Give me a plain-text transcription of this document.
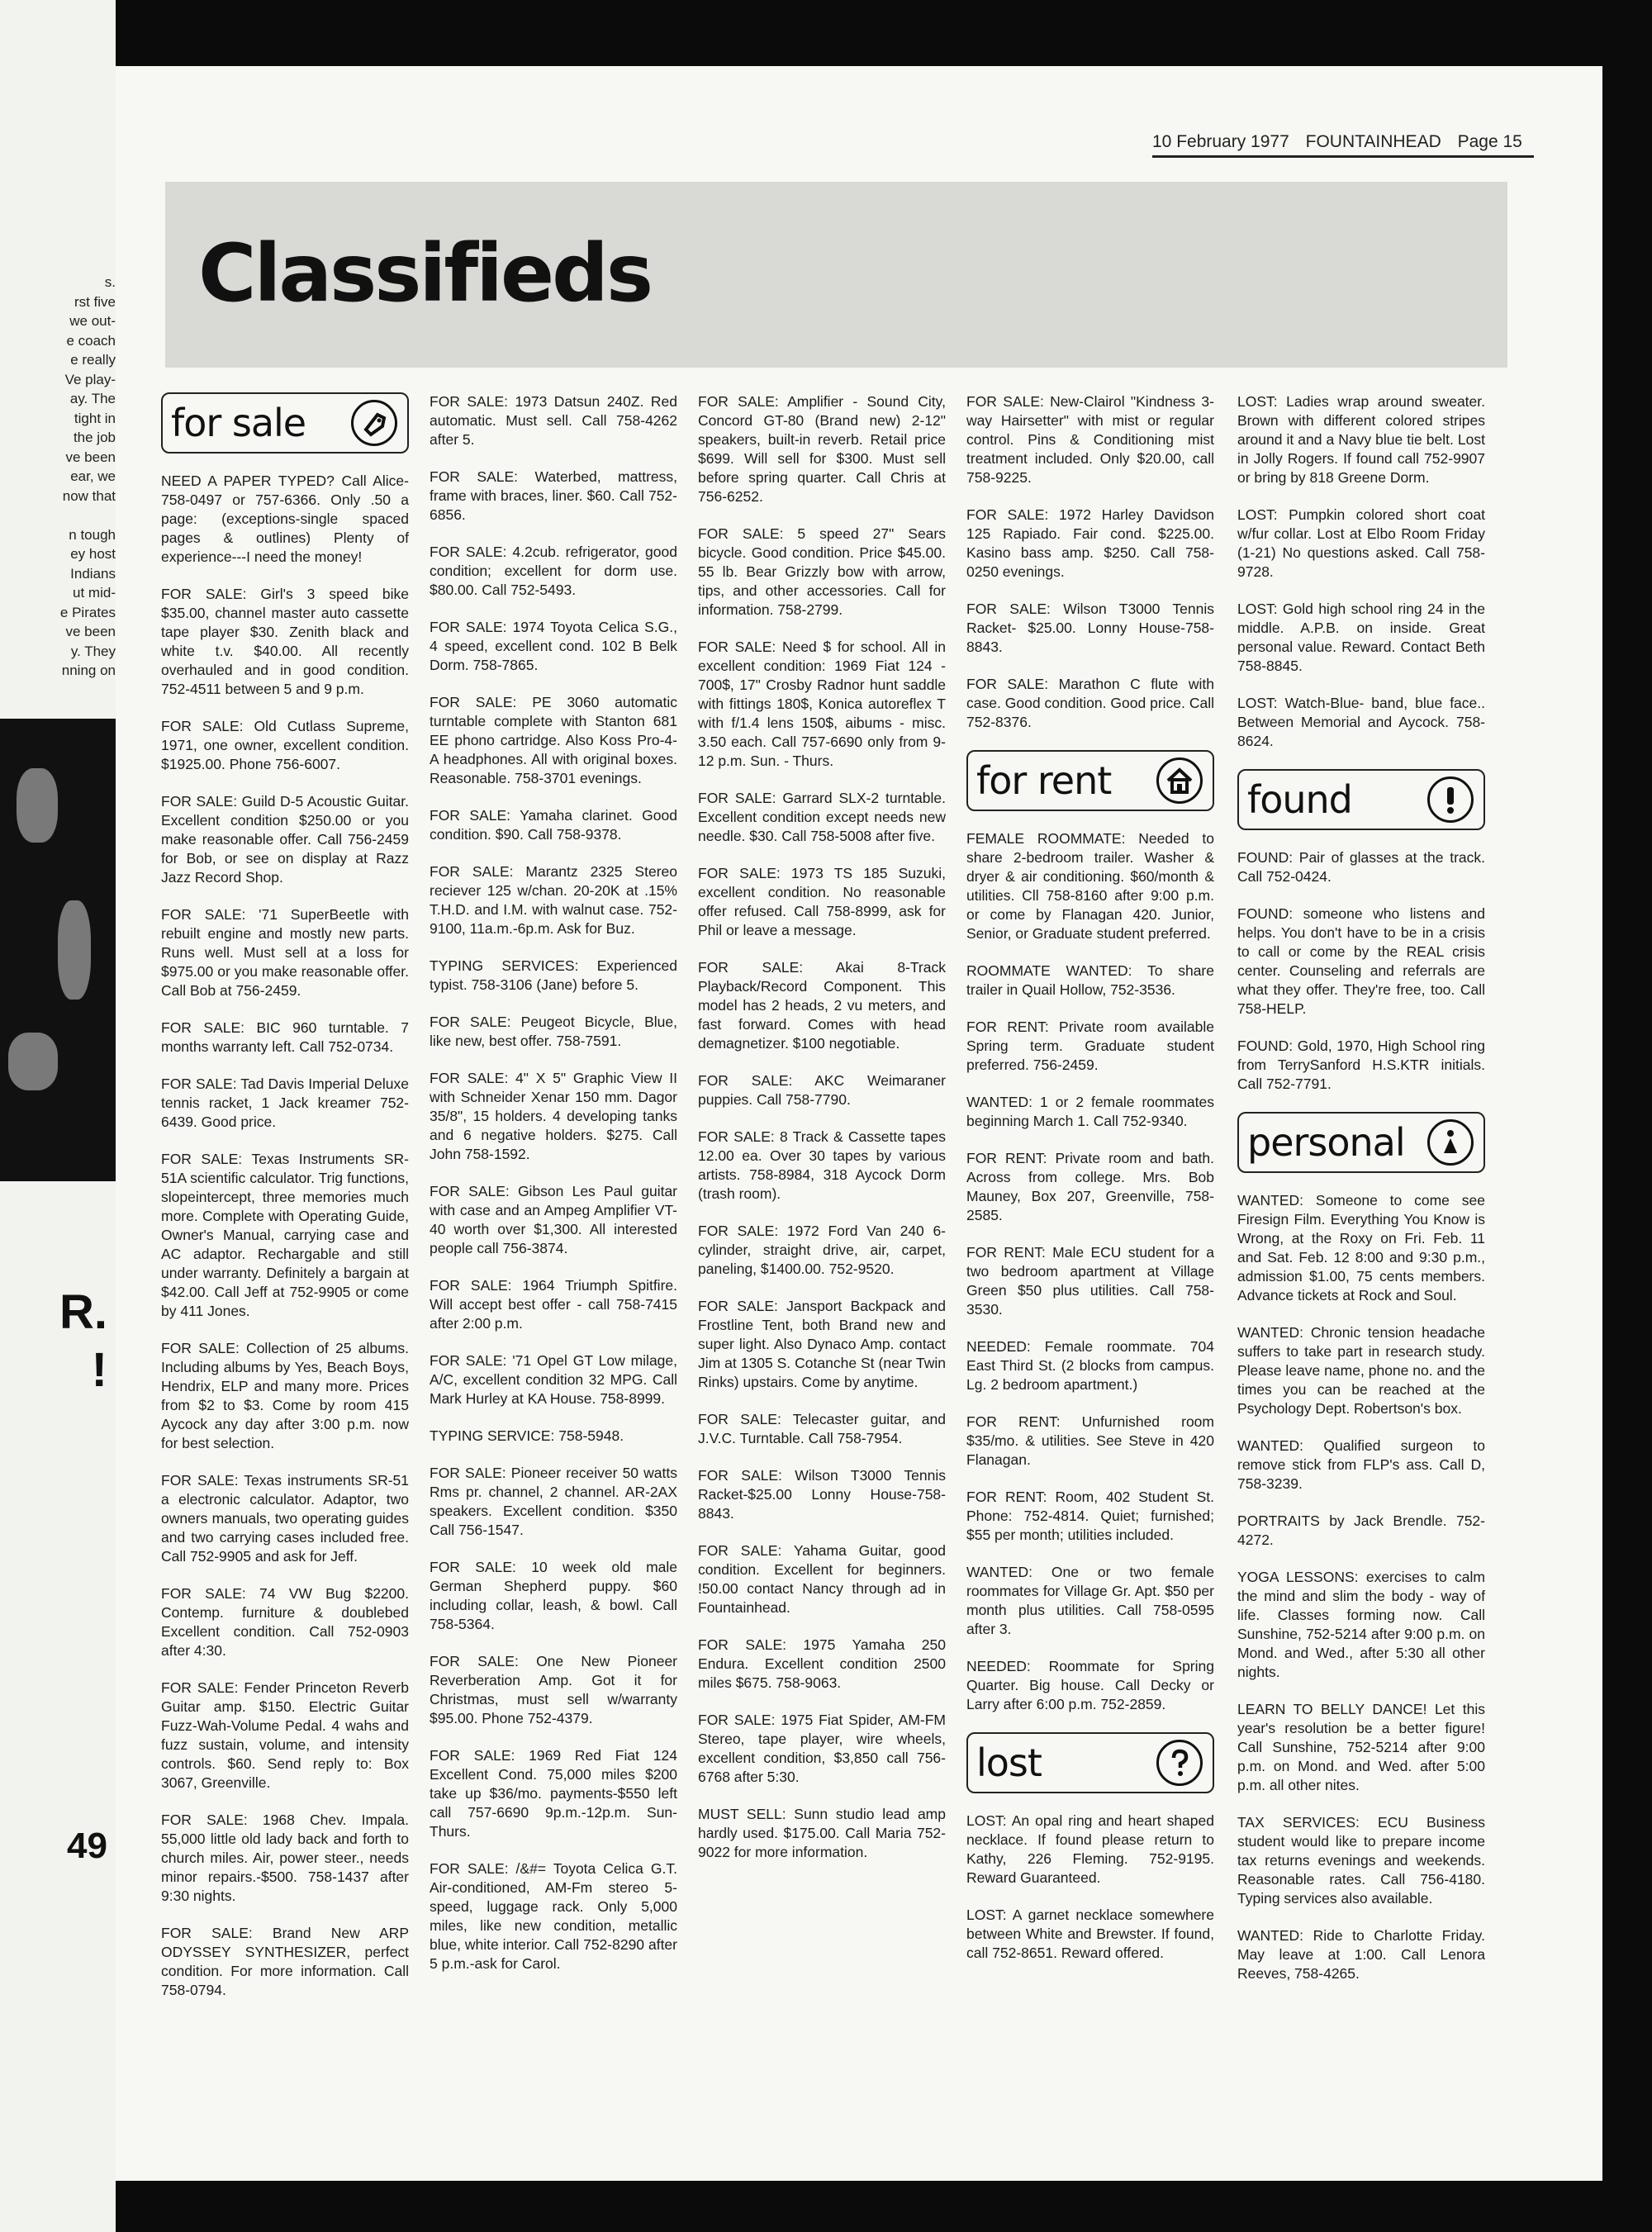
s.
rst five
we out-
e coach
e really
Ve play-
ay. The
tight in
the job
ve been
ear, we
now that
n tough
ey host
Indians
ut mid-
e Pirates
ve been
y. They
nning on
R.
!
49
10 February 1977 FOUNTAINHEAD Page 15
Classifieds
for sale

NEED A PAPER TYPED? Call Alice-758-0497 or 757-6366. Only .50 a page: (exceptions-single spaced pages & outlines) Plenty of experience---I need the money!

FOR SALE: Girl's 3 speed bike $35.00, channel master auto cassette tape player $30. Zenith black and white t.v. $40.00. All recently overhauled and in good condition. 752-4511 between 5 and 9 p.m.

FOR SALE: Old Cutlass Supreme, 1971, one owner, excellent condition. $1925.00. Phone 756-6007.

FOR SALE: Guild D-5 Acoustic Guitar. Excellent condition $250.00 or you make reasonable offer. Call 756-2459 for Bob, or see on display at Razz Jazz Record Shop.

FOR SALE: '71 SuperBeetle with rebuilt engine and mostly new parts. Runs well. Must sell at a loss for $975.00 or you make reasonable offer. Call Bob at 756-2459.

FOR SALE: BIC 960 turntable. 7 months warranty left. Call 752-0734.

FOR SALE: Tad Davis Imperial Deluxe tennis racket, 1 Jack kreamer 752-6439. Good price.

FOR SALE: Texas Instruments SR-51A scientific calculator. Trig functions, slopeintercept, three memories much more. Complete with Operating Guide, Owner's Manual, carrying case and AC adaptor. Rechargable and still under warranty. Definitely a bargain at $42.00. Call Jeff at 752-9905 or come by 411 Jones.

FOR SALE: Collection of 25 albums. Including albums by Yes, Beach Boys, Hendrix, ELP and many more. Prices from $2 to $3. Come by room 415 Aycock any day after 3:00 p.m. now for best selection.

FOR SALE: Texas instruments SR-51 a electronic calculator. Adaptor, two owners manuals, two operating guides and two carrying cases included free. Call 752-9905 and ask for Jeff.

FOR SALE: 74 VW Bug $2200. Contemp. furniture & doublebed Excellent condition. Call 752-0903 after 4:30.

FOR SALE: Fender Princeton Reverb Guitar amp. $150. Electric Guitar Fuzz-Wah-Volume Pedal. 4 wahs and fuzz sustain, volume, and intensity controls. $60. Send reply to: Box 3067, Greenville.

FOR SALE: 1968 Chev. Impala. 55,000 little old lady back and forth to church miles. Air, power steer., needs minor repairs.-$500. 758-1437 after 9:30 nights.

FOR SALE: Brand New ARP ODYSSEY SYNTHESIZER, perfect condition. For more information. Call 758-0794.

FOR SALE: 1973 Datsun 240Z. Red automatic. Must sell. Call 758-4262 after 5.

FOR SALE: Waterbed, mattress, frame with braces, liner. $60. Call 752-6856.

FOR SALE: 4.2cub. refrigerator, good condition; excellent for dorm use. $80.00. Call 752-5493.

FOR SALE: 1974 Toyota Celica S.G., 4 speed, excellent cond. 102 B Belk Dorm. 758-7865.

FOR SALE: PE 3060 automatic turntable complete with Stanton 681 EE phono cartridge. Also Koss Pro-4-A headphones. All with original boxes. Reasonable. 758-3701 evenings.

FOR SALE: Yamaha clarinet. Good condition. $90. Call 758-9378.

FOR SALE: Marantz 2325 Stereo reciever 125 w/chan. 20-20K at .15% T.H.D. and I.M. with walnut case. 752-9100, 11a.m.-6p.m. Ask for Buz.

TYPING SERVICES: Experienced typist. 758-3106 (Jane) before 5.

FOR SALE: Peugeot Bicycle, Blue, like new, best offer. 758-7591.

FOR SALE: 4" X 5" Graphic View II with Schneider Xenar 150 mm. Dagor 35/8", 15 holders. 4 developing tanks and 6 negative holders. $275. Call John 758-1592.

FOR SALE: Gibson Les Paul guitar with case and an Ampeg Amplifier VT-40 worth over $1,300. All interested people call 756-3874.

FOR SALE: 1964 Triumph Spitfire. Will accept best offer - call 758-7415 after 2:00 p.m.

FOR SALE: '71 Opel GT Low milage, A/C, excellent condition 32 MPG. Call Mark Hurley at KA House. 758-8999.

TYPING SERVICE: 758-5948.

FOR SALE: Pioneer receiver 50 watts Rms pr. channel, 2 channel. AR-2AX speakers. Excellent condition. $350 Call 756-1547.

FOR SALE: 10 week old male German Shepherd puppy. $60 including collar, leash, & bowl. Call 758-5364.

FOR SALE: One New Pioneer Reverberation Amp. Got it for Christmas, must sell w/warranty $95.00. Phone 752-4379.

FOR SALE: 1969 Red Fiat 124 Excellent Cond. 75,000 miles $200 take up $36/mo. payments-$550 left call 757-6690 9p.m.-12p.m. Sun-Thurs.

FOR SALE: /&#= Toyota Celica G.T. Air-conditioned, AM-Fm stereo 5-speed, luggage rack. Only 5,000 miles, like new condition, metallic blue, white interior. Call 752-8290 after 5 p.m.-ask for Carol.

FOR SALE: Amplifier - Sound City, Concord GT-80 (Brand new) 2-12" speakers, built-in reverb. Retail price $699. Will sell for $300. Must sell before spring quarter. Call Chris at 756-6252.

FOR SALE: 5 speed 27" Sears bicycle. Good condition. Price $45.00. 55 lb. Bear Grizzly bow with arrow, tips, and other accessories. Call for information. 758-2799.

FOR SALE: Need $ for school. All in excellent condition: 1969 Fiat 124 - 700$, 17" Crosby Radnor hunt saddle with fittings 180$, Konica autoreflex T with f/1.4 lens 150$, aibums - misc. 3.50 each. Call 757-6690 only from 9-12 p.m. Sun. - Thurs.

FOR SALE: Garrard SLX-2 turntable. Excellent condition except needs new needle. $30. Call 758-5008 after five.

FOR SALE: 1973 TS 185 Suzuki, excellent condition. No reasonable offer refused. Call 758-8999, ask for Phil or leave a message.

FOR SALE: Akai 8-Track Playback/Record Component. This model has 2 heads, 2 vu meters, and fast forward. Comes with head demagnetizer. $100 negotiable.

FOR SALE: AKC Weimaraner puppies. Call 758-7790.

FOR SALE: 8 Track & Cassette tapes 12.00 ea. Over 30 tapes by various artists. 758-8984, 318 Aycock Dorm (trash room).

FOR SALE: 1972 Ford Van 240 6-cylinder, straight drive, air, carpet, paneling, $1400.00. 752-9520.

FOR SALE: Jansport Backpack and Frostline Tent, both Brand new and super light. Also Dynaco Amp. contact Jim at 1305 S. Cotanche St (near Twin Rinks) upstairs. Come by anytime.

FOR SALE: Telecaster guitar, and J.V.C. Turntable. Call 758-7954.

FOR SALE: Wilson T3000 Tennis Racket-$25.00 Lonny House-758-8843.

FOR SALE: Yahama Guitar, good condition. Excellent for beginners. !50.00 contact Nancy through ad in Fountainhead.

FOR SALE: 1975 Yamaha 250 Endura. Excellent condition 2500 miles $675. 758-9063.

FOR SALE: 1975 Fiat Spider, AM-FM Stereo, tape player, wire wheels, excellent condition, $3,850 call 756-6768 after 5:30.

MUST SELL: Sunn studio lead amp hardly used. $175.00. Call Maria 752-9022 for more information.

FOR SALE: New-Clairol "Kindness 3-way Hairsetter" with mist or regular control. Pins & Conditioning mist treatment included. Only $20.00, call 758-9225.

FOR SALE: 1972 Harley Davidson 125 Rapiado. Fair cond. $225.00. Kasino bass amp. $250. Call 758-0250 evenings.

FOR SALE: Wilson T3000 Tennis Racket- $25.00. Lonny House-758-8843.

FOR SALE: Marathon C flute with case. Good condition. Good price. Call 752-8376.

for rent

FEMALE ROOMMATE: Needed to share 2-bedroom trailer. Washer & dryer & air conditioning. $60/month & utilities. Cll 758-8160 after 9:00 p.m. or come by Flanagan 420. Junior, Senior, or Graduate student preferred.

ROOMMATE WANTED: To share trailer in Quail Hollow, 752-3536.

FOR RENT: Private room available Spring term. Graduate student preferred. 756-2459.

WANTED: 1 or 2 female roommates beginning March 1. Call 752-9340.

FOR RENT: Private room and bath. Across from college. Mrs. Bob Mauney, Box 207, Greenville, 758-2585.

FOR RENT: Male ECU student for a two bedroom apartment at Village Green $50 plus utilities. Call 758-3530.

NEEDED: Female roommate. 704 East Third St. (2 blocks from campus. Lg. 2 bedroom apartment.)

FOR RENT: Unfurnished room $35/mo. & utilities. See Steve in 420 Flanagan.

FOR RENT: Room, 402 Student St. Phone: 752-4814. Quiet; furnished; $55 per month; utilities included.

WANTED: One or two female roommates for Village Gr. Apt. $50 per month plus utilities. Call 758-0595 after 3.

NEEDED: Roommate for Spring Quarter. Big house. Call Decky or Larry after 6:00 p.m. 752-2859.

lost

LOST: An opal ring and heart shaped necklace. If found please return to Kathy, 226 Fleming. 752-9195. Reward Guaranteed.

LOST: A garnet necklace somewhere between White and Brewster. If found, call 752-8651. Reward offered.

LOST: Ladies wrap around sweater. Brown with different colored stripes around it and a Navy blue tie belt. Lost in Jolly Rogers. If found call 752-9907 or bring by 818 Greene Dorm.

LOST: Pumpkin colored short coat w/fur collar. Lost at Elbo Room Friday (1-21) No questions asked. Call 758-9728.

LOST: Gold high school ring 24 in the middle. A.P.B. on inside. Great personal value. Reward. Contact Beth 758-8845.

LOST: Watch-Blue- band, blue face.. Between Memorial and Aycock. 758-8624.

found

FOUND: Pair of glasses at the track. Call 752-0424.

FOUND: someone who listens and helps. You don't have to be in a crisis to call or come by the REAL crisis center. Counseling and referrals are what they offer. They're free, too. Call 758-HELP.

FOUND: Gold, 1970, High School ring from TerrySanford H.S.KTR initials. Call 752-7791.

personal

WANTED: Someone to come see Firesign Film. Everything You Know is Wrong, at the Roxy on Fri. Feb. 11 and Sat. Feb. 12 8:00 and 9:30 p.m., admission $1.00, 75 cents members. Advance tickets at Rock and Soul.

WANTED: Chronic tension headache suffers to take part in research study. Please leave name, phone no. and the times you can be reached at the Psychology Dept. Robertson's box.

WANTED: Qualified surgeon to remove stick from FLP's ass. Call D, 758-3239.

PORTRAITS by Jack Brendle. 752-4272.

YOGA LESSONS: exercises to calm the mind and slim the body - way of life. Classes forming now. Call Sunshine, 752-5214 after 9:00 p.m. on Mond. and Wed., after 5:30 all other nights.

LEARN TO BELLY DANCE! Let this year's resolution be a better figure! Call Sunshine, 752-5214 after 9:00 p.m. on Mond. and Wed. after 5:00 p.m. all other nites.

TAX SERVICES: ECU Business student would like to prepare income tax returns evenings and weekends. Reasonable rates. Call 756-4180. Typing services also available.

WANTED: Ride to Charlotte Friday. May leave at 1:00. Call Lenora Reeves, 758-4265.
